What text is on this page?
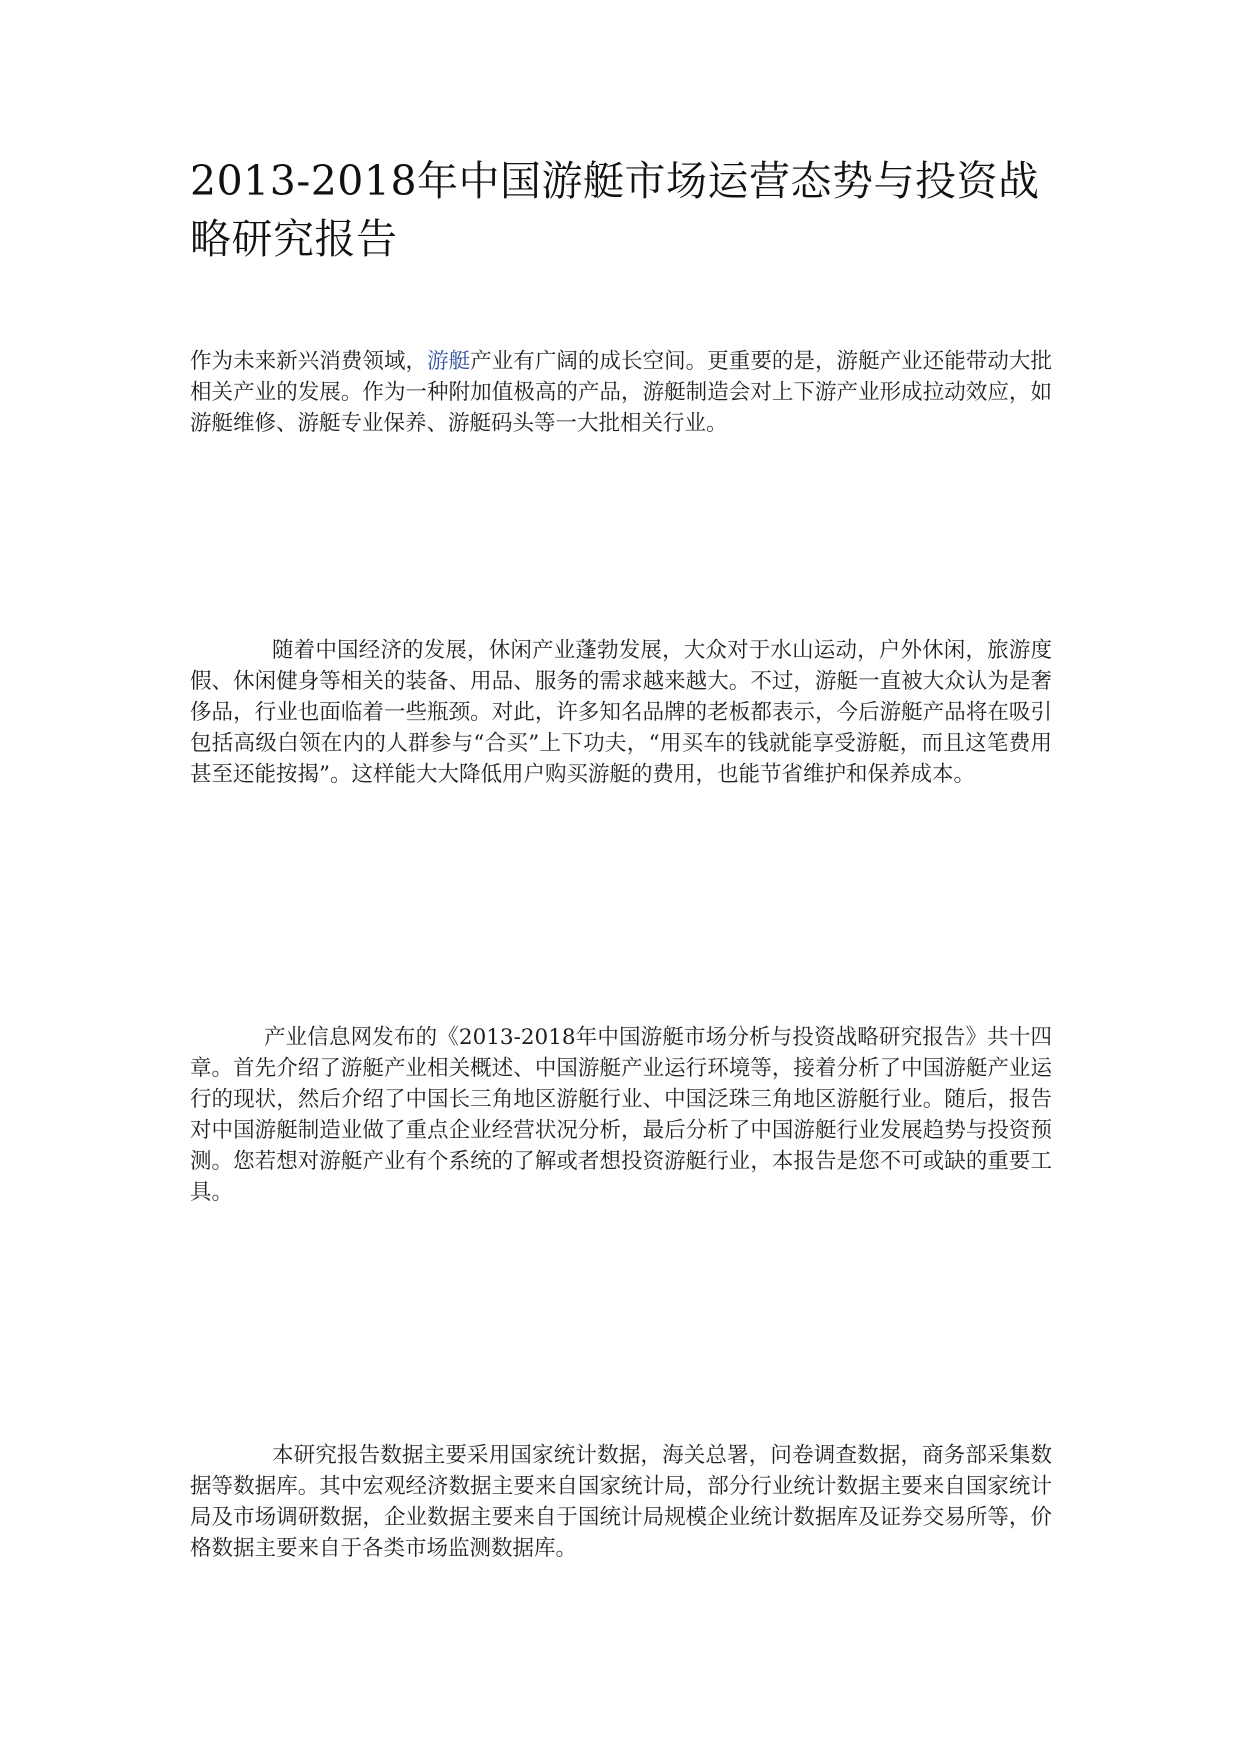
2013-2018年中国游艇市场运营态势与投资战略研究报告

作为未来新兴消费领域，游艇产业有广阔的成长空间。更重要的是，游艇产业还能带动大批相关产业的发展。作为一种附加值极高的产品，游艇制造会对上下游产业形成拉动效应，如游艇维修、游艇专业保养、游艇码头等一大批相关行业。

随着中国经济的发展，休闲产业蓬勃发展，大众对于水山运动，户外休闲，旅游度假、休闲健身等相关的装备、用品、服务的需求越来越大。不过，游艇一直被大众认为是奢侈品，行业也面临着一些瓶颈。对此，许多知名品牌的老板都表示，今后游艇产品将在吸引包括高级白领在内的人群参与“合买”上下功夫，“用买车的钱就能享受游艇，而且这笔费用甚至还能按揭”。这样能大大降低用户购买游艇的费用，也能节省维护和保养成本。

产业信息网发布的《2013-2018年中国游艇市场分析与投资战略研究报告》共十四章。首先介绍了游艇产业相关概述、中国游艇产业运行环境等，接着分析了中国游艇产业运行的现状，然后介绍了中国长三角地区游艇行业、中国泛珠三角地区游艇行业。随后，报告对中国游艇制造业做了重点企业经营状况分析，最后分析了中国游艇行业发展趋势与投资预测。您若想对游艇产业有个系统的了解或者想投资游艇行业，本报告是您不可或缺的重要工具。

本研究报告数据主要采用国家统计数据，海关总署，问卷调查数据，商务部采集数据等数据库。其中宏观经济数据主要来自国家统计局，部分行业统计数据主要来自国家统计局及市场调研数据，企业数据主要来自于国统计局规模企业统计数据库及证券交易所等，价格数据主要来自于各类市场监测数据库。
